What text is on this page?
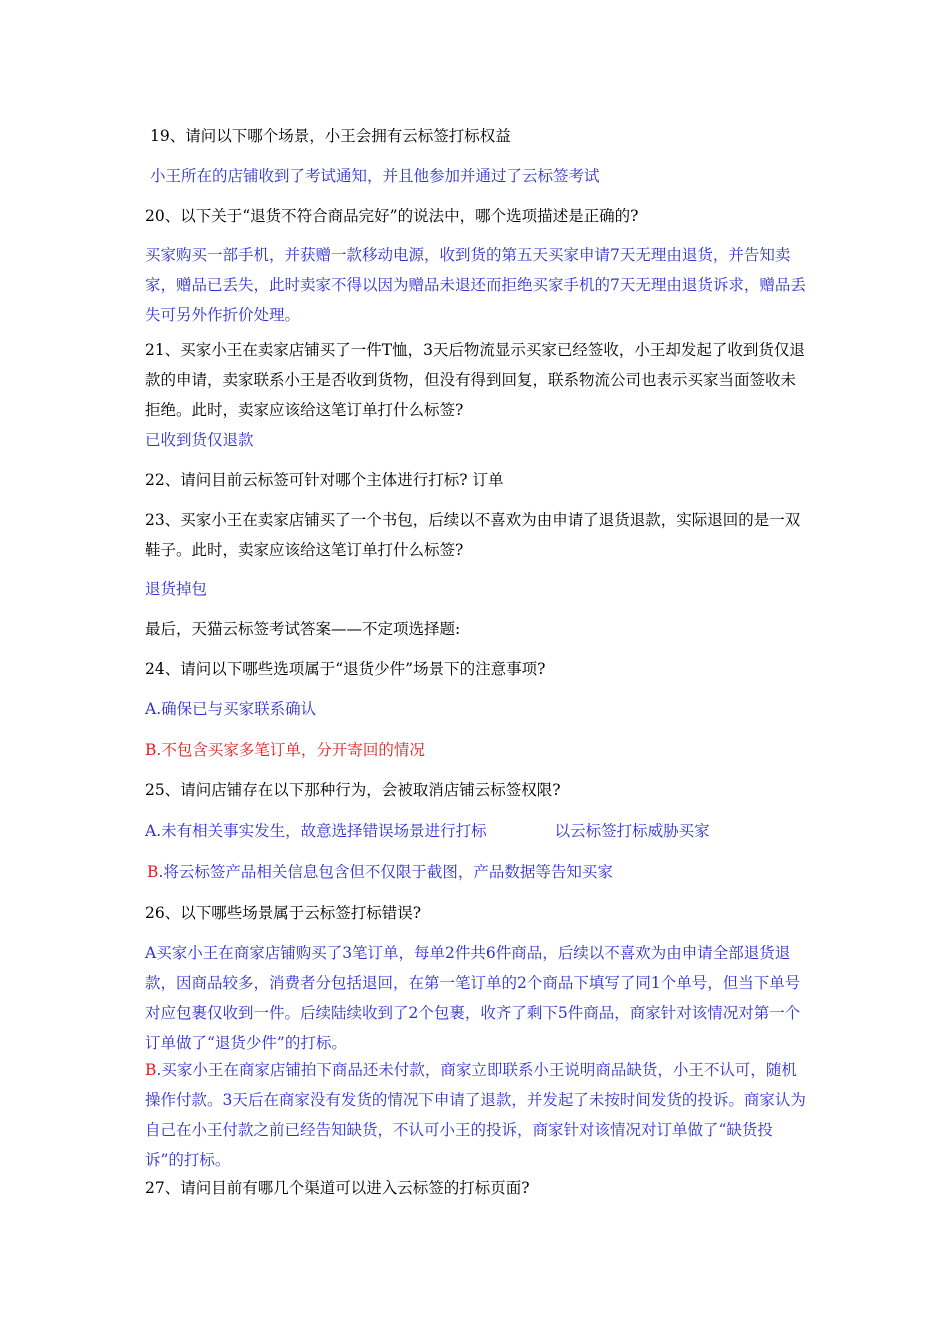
19、请问以下哪个场景，小王会拥有云标签打标权益

小王所在的店铺收到了考试通知，并且他参加并通过了云标签考试

20、以下关于“退货不符合商品完好”的说法中，哪个选项描述是正确的?

买家购买一部手机，并获赠一款移动电源，收到货的第五天买家申请7天无理由退货，并告知卖家，赠品已丢失，此时卖家不得以因为赠品未退还而拒绝买家手机的7天无理由退货诉求，赠品丢失可另外作折价处理。

21、买家小王在卖家店铺买了一件T恤，3天后物流显示买家已经签收，小王却发起了收到货仅退款的申请，卖家联系小王是否收到货物，但没有得到回复，联系物流公司也表示买家当面签收未拒绝。此时，卖家应该给这笔订单打什么标签?

已收到货仅退款

22、请问目前云标签可针对哪个主体进行打标? 订单

23、买家小王在卖家店铺买了一个书包，后续以不喜欢为由申请了退货退款，实际退回的是一双鞋子。此时，卖家应该给这笔订单打什么标签?

退货掉包

最后，天猫云标签考试答案——不定项选择题:

24、请问以下哪些选项属于“退货少件”场景下的注意事项?

A.确保已与买家联系确认

B.不包含买家多笔订单，分开寄回的情况

25、请问店铺存在以下那种行为，会被取消店铺云标签权限?

A.未有相关事实发生，故意选择错误场景进行打标	以云标签打标威胁买家

B.将云标签产品相关信息包含但不仅限于截图，产品数据等告知买家

26、以下哪些场景属于云标签打标错误?

A买家小王在商家店铺购买了3笔订单，每单2件共6件商品，后续以不喜欢为由申请全部退货退款，因商品较多，消费者分包括退回，在第一笔订单的2个商品下填写了同1个单号，但当下单号对应包裹仅收到一件。后续陆续收到了2个包裹，收齐了剩下5件商品，商家针对该情况对第一个订单做了“退货少件”的打标。

B.买家小王在商家店铺拍下商品还未付款，商家立即联系小王说明商品缺货，小王不认可，随机操作付款。3天后在商家没有发货的情况下申请了退款，并发起了未按时间发货的投诉。商家认为自己在小王付款之前已经告知缺货，不认可小王的投诉，商家针对该情况对订单做了“缺货投诉”的打标。

27、请问目前有哪几个渠道可以进入云标签的打标页面?
